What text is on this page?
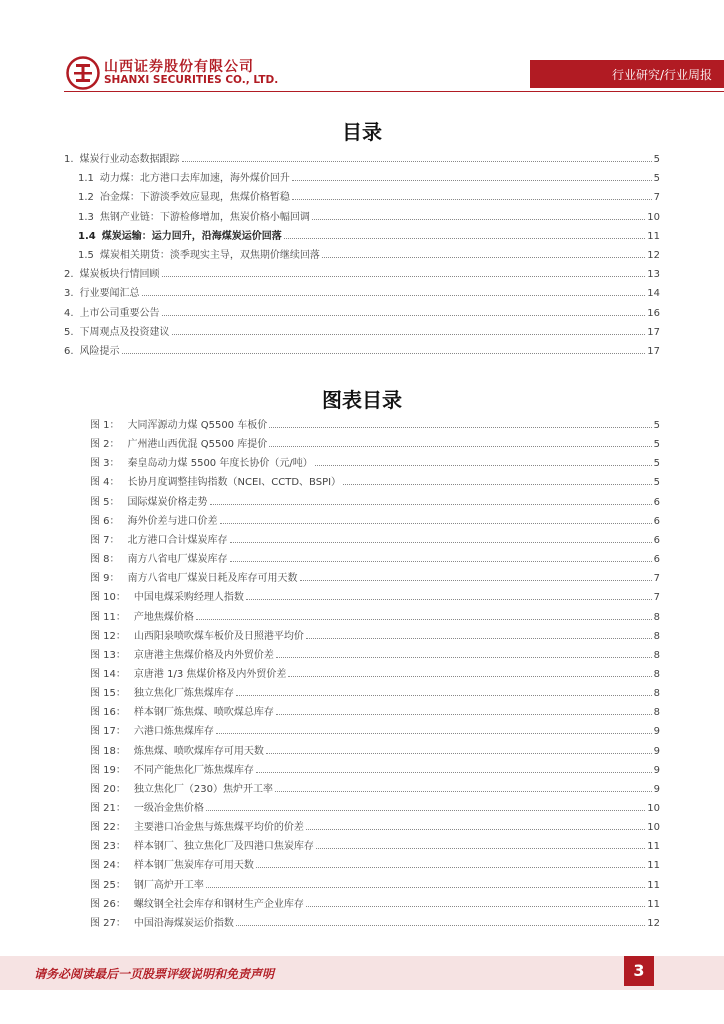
山西证券股份有限公司
SHANXI SECURITIES CO., LTD.	行业研究/行业周报
目录
1. 煤炭行业动态数据跟踪	5
1.1 动力煤：北方港口去库加速，海外煤价回升	5
1.2 冶金煤：下游淡季效应显现，焦煤价格暂稳	7
1.3 焦钢产业链：下游检修增加，焦炭价格小幅回调	10
1.4 煤炭运输：运力回升，沿海煤炭运价回落	11
1.5 煤炭相关期货：淡季现实主导，双焦期价继续回落	12
2. 煤炭板块行情回顾	13
3. 行业要闻汇总	14
4. 上市公司重要公告	16
5. 下周观点及投资建议	17
6. 风险提示	17
图表目录
图 1： 大同浑源动力煤 Q5500 车板价	5
图 2： 广州港山西优混 Q5500 库提价	5
图 3： 秦皇岛动力煤 5500 年度长协价（元/吨）	5
图 4： 长协月度调整挂钩指数（NCEI、CCTD、BSPI）	5
图 5： 国际煤炭价格走势	6
图 6： 海外价差与进口价差	6
图 7： 北方港口合计煤炭库存	6
图 8： 南方八省电厂煤炭库存	6
图 9： 南方八省电厂煤炭日耗及库存可用天数	7
图 10： 中国电煤采购经理人指数	7
图 11： 产地焦煤价格	8
图 12： 山西阳泉喷吹煤车板价及日照港平均价	8
图 13： 京唐港主焦煤价格及内外贸价差	8
图 14： 京唐港 1/3 焦煤价格及内外贸价差	8
图 15： 独立焦化厂炼焦煤库存	8
图 16： 样本钢厂炼焦煤、喷吹煤总库存	8
图 17： 六港口炼焦煤库存	9
图 18： 炼焦煤、喷吹煤库存可用天数	9
图 19： 不同产能焦化厂炼焦煤库存	9
图 20： 独立焦化厂（230）焦炉开工率	9
图 21： 一级冶金焦价格	10
图 22： 主要港口冶金焦与炼焦煤平均价的价差	10
图 23： 样本钢厂、独立焦化厂及四港口焦炭库存	11
图 24： 样本钢厂焦炭库存可用天数	11
图 25： 钢厂高炉开工率	11
图 26： 螺纹钢全社会库存和钢材生产企业库存	11
图 27： 中国沿海煤炭运价指数	12
请务必阅读最后一页股票评级说明和免责声明	3
